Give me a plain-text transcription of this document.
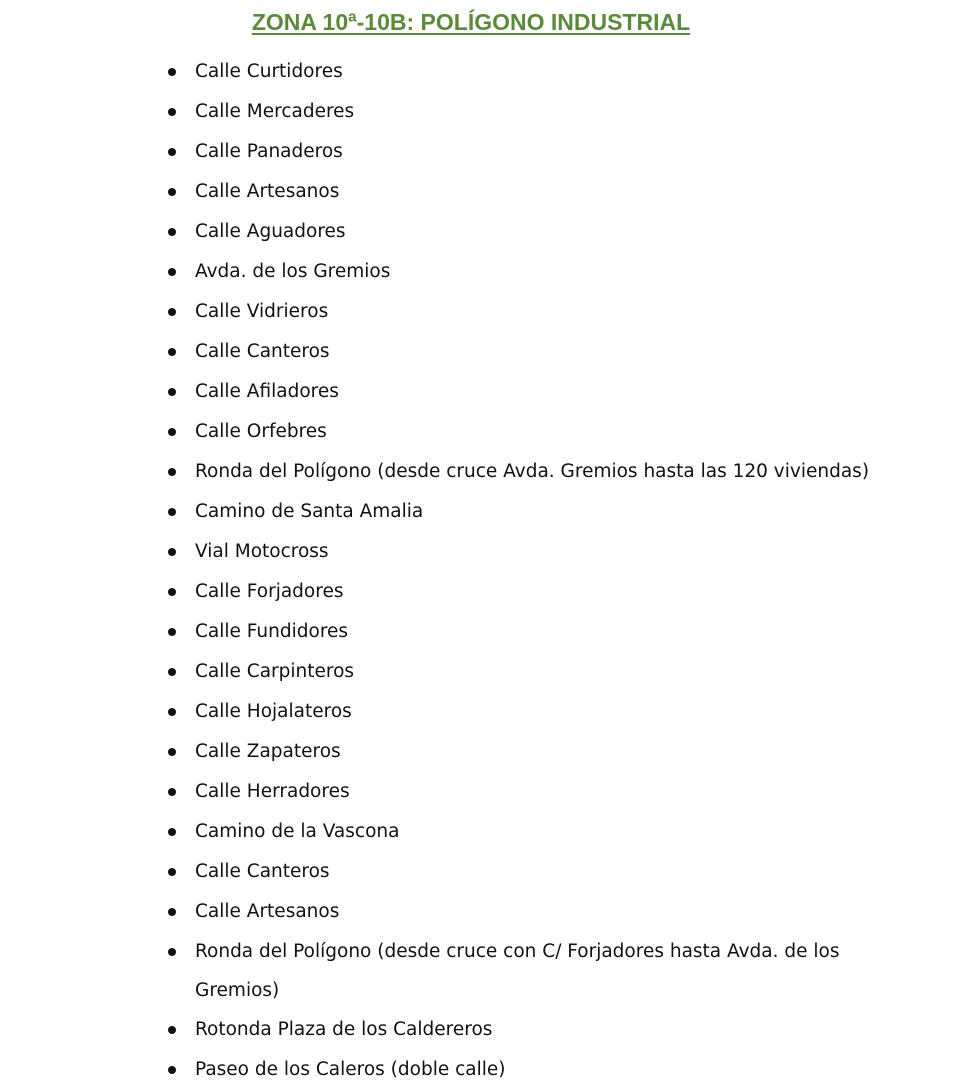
ZONA 10ª-10B: POLÍGONO INDUSTRIAL
Calle Curtidores
Calle Mercaderes
Calle Panaderos
Calle Artesanos
Calle Aguadores
Avda. de los Gremios
Calle Vidrieros
Calle Canteros
Calle Afiladores
Calle Orfebres
Ronda del Polígono (desde cruce Avda. Gremios hasta las 120 viviendas)
Camino de Santa Amalia
Vial Motocross
Calle Forjadores
Calle Fundidores
Calle Carpinteros
Calle Hojalateros
Calle Zapateros
Calle Herradores
Camino de la Vascona
Calle Canteros
Calle Artesanos
Ronda del Polígono (desde cruce con C/ Forjadores hasta Avda. de los Gremios)
Rotonda Plaza de los Caldereros
Paseo de los Caleros (doble calle)
